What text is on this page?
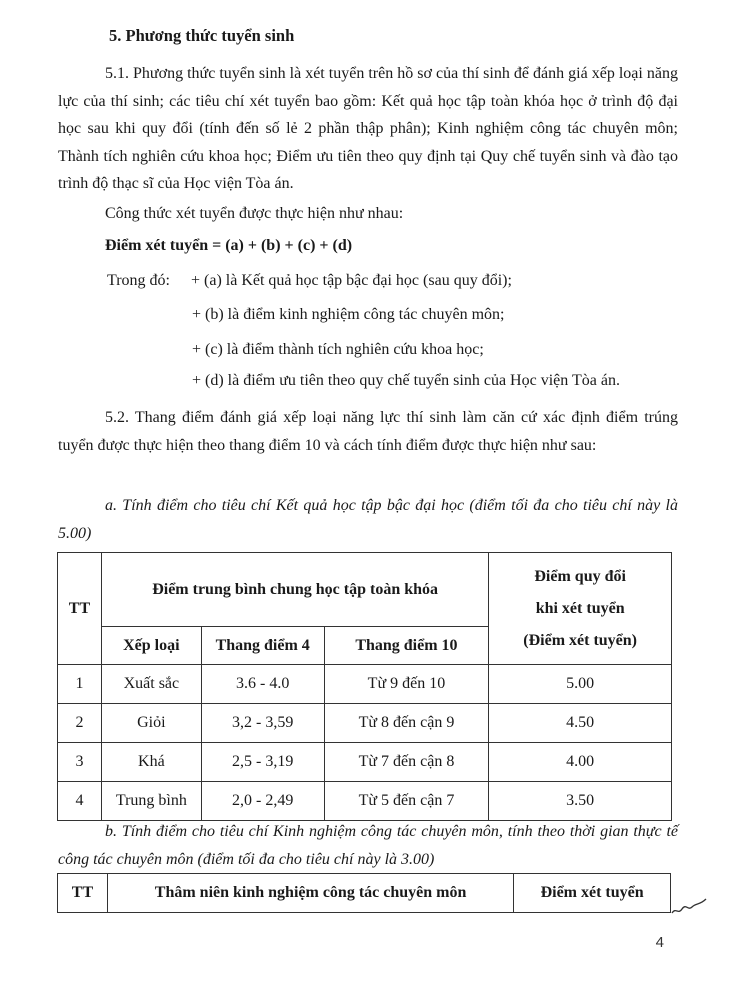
5. Phương thức tuyển sinh
5.1. Phương thức tuyển sinh là xét tuyển trên hồ sơ của thí sinh để đánh giá xếp loại năng lực của thí sinh; các tiêu chí xét tuyển bao gồm: Kết quả học tập toàn khóa học ở trình độ đại học sau khi quy đổi (tính đến số lẻ 2 phần thập phân); Kinh nghiệm công tác chuyên môn; Thành tích nghiên cứu khoa học; Điểm ưu tiên theo quy định tại Quy chế tuyển sinh và đào tạo trình độ thạc sĩ của Học viện Tòa án.
Công thức xét tuyển được thực hiện như nhau:
Điểm xét tuyển = (a) + (b) + (c) + (d)
Trong đó: + (a) là Kết quả học tập bậc đại học (sau quy đổi);
+ (b) là điểm kinh nghiệm công tác chuyên môn;
+ (c) là điểm thành tích nghiên cứu khoa học;
+ (d) là điểm ưu tiên theo quy chế tuyển sinh của Học viện Tòa án.
5.2. Thang điểm đánh giá xếp loại năng lực thí sinh làm căn cứ xác định điểm trúng tuyển được thực hiện theo thang điểm 10 và cách tính điểm được thực hiện như sau:
a. Tính điểm cho tiêu chí Kết quả học tập bậc đại học (điểm tối đa cho tiêu chí này là 5.00)
TT	Điểm trung bình chung học tập toàn khóa			Điểm quy đổi
khi xét tuyển
(Điểm xét tuyển)
	Xếp loại	Thang điểm 4	Thang điểm 10	
1	Xuất sắc	3.6 - 4.0	Từ 9 đến 10	5.00
2	Giỏi	3,2 - 3,59	Từ 8 đến cận 9	4.50
3	Khá	2,5 - 3,19	Từ 7 đến cận 8	4.00
4	Trung bình	2,0 - 2,49	Từ 5 đến cận 7	3.50
b. Tính điểm cho tiêu chí Kinh nghiệm công tác chuyên môn, tính theo thời gian thực tế công tác chuyên môn (điểm tối đa cho tiêu chí này là 3.00)
TT	Thâm niên kinh nghiệm công tác chuyên môn	Điểm xét tuyển
4
